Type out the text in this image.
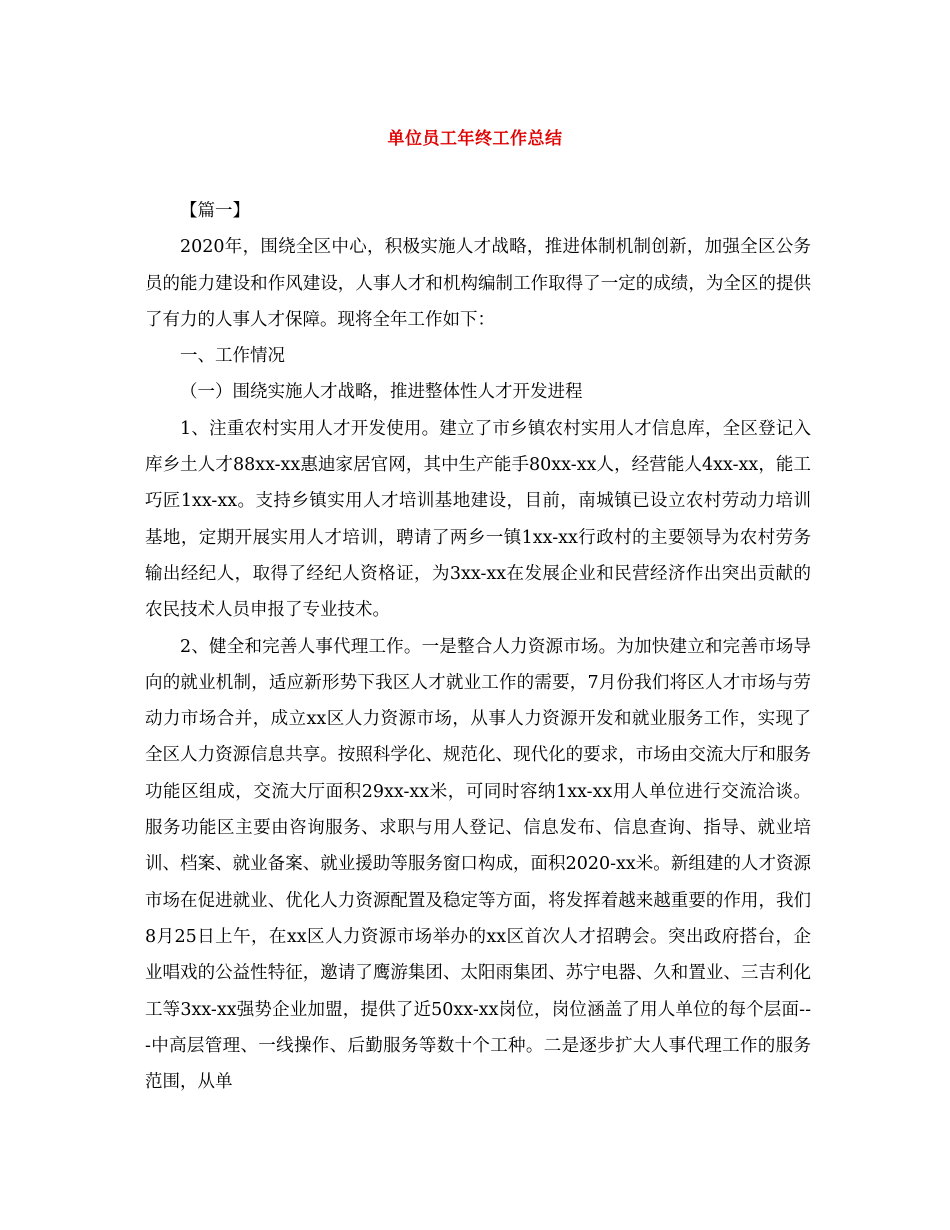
单位员工年终工作总结

【篇一】

2020年，围绕全区中心，积极实施人才战略，推进体制机制创新，加强全区公务员的能力建设和作风建设，人事人才和机构编制工作取得了一定的成绩，为全区的提供了有力的人事人才保障。现将全年工作如下：

一、工作情况

（一）围绕实施人才战略，推进整体性人才开发进程

1、注重农村实用人才开发使用。建立了市乡镇农村实用人才信息库，全区登记入库乡土人才88xx-xx惠迪家居官网，其中生产能手80xx-xx人，经营能人4xx-xx，能工巧匠1xx-xx。支持乡镇实用人才培训基地建设，目前，南城镇已设立农村劳动力培训基地，定期开展实用人才培训，聘请了两乡一镇1xx-xx行政村的主要领导为农村劳务输出经纪人，取得了经纪人资格证，为3xx-xx在发展企业和民营经济作出突出贡献的农民技术人员申报了专业技术。

2、健全和完善人事代理工作。一是整合人力资源市场。为加快建立和完善市场导向的就业机制，适应新形势下我区人才就业工作的需要，7月份我们将区人才市场与劳动力市场合并，成立xx区人力资源市场，从事人力资源开发和就业服务工作，实现了全区人力资源信息共享。按照科学化、规范化、现代化的要求，市场由交流大厅和服务功能区组成，交流大厅面积29xx-xx米，可同时容纳1xx-xx用人单位进行交流洽谈。服务功能区主要由咨询服务、求职与用人登记、信息发布、信息查询、指导、就业培训、档案、就业备案、就业援助等服务窗口构成，面积2020-xx米。新组建的人才资源市场在促进就业、优化人力资源配置及稳定等方面，将发挥着越来越重要的作用，我们8月25日上午，在xx区人力资源市场举办的xx区首次人才招聘会。突出政府搭台，企业唱戏的公益性特征，邀请了鹰游集团、太阳雨集团、苏宁电器、久和置业、三吉利化工等3xx-xx强势企业加盟，提供了近50xx-xx岗位，岗位涵盖了用人单位的每个层面---中高层管理、一线操作、后勤服务等数十个工种。二是逐步扩大人事代理工作的服务范围，从单
